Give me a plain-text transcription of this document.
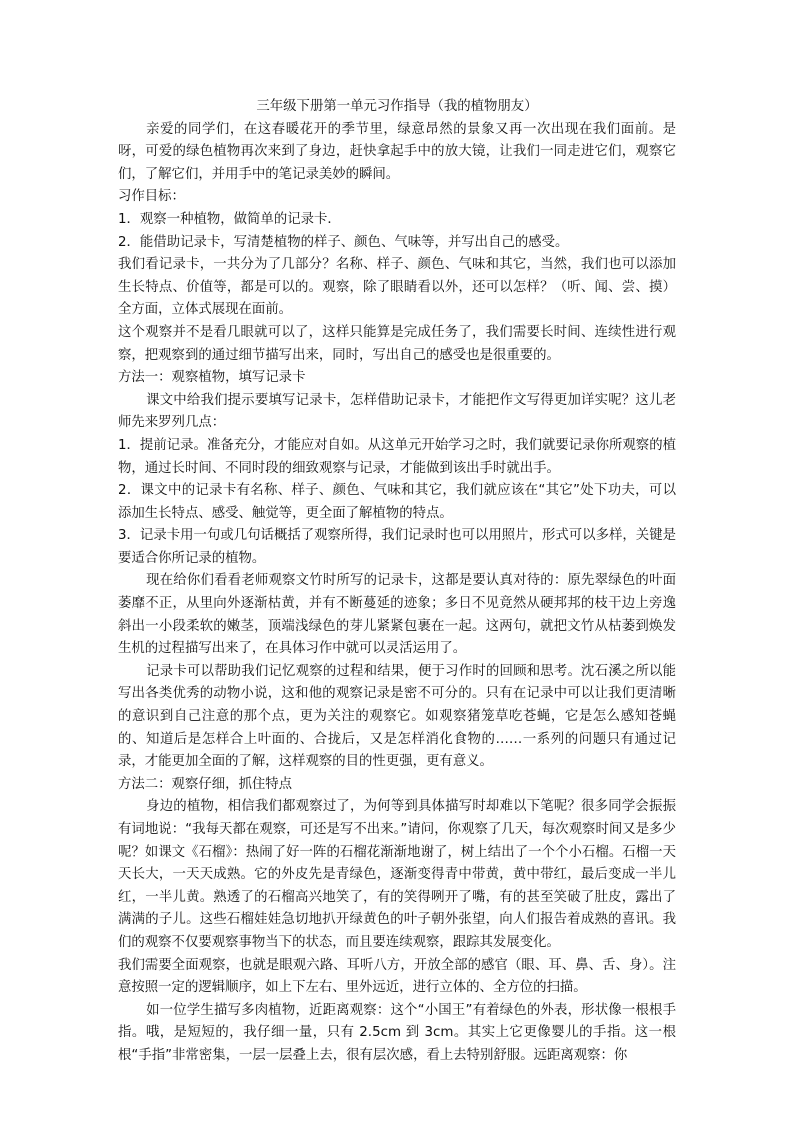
三年级下册第一单元习作指导（我的植物朋友）

亲爱的同学们，在这春暖花开的季节里，绿意昂然的景象又再一次出现在我们面前。是呀，可爱的绿色植物再次来到了身边，赶快拿起手中的放大镜，让我们一同走进它们，观察它们，了解它们，并用手中的笔记录美妙的瞬间。

习作目标：

1．观察一种植物，做简单的记录卡．

2．能借助记录卡，写清楚植物的样子、颜色、气味等，并写出自己的感受。

我们看记录卡，一共分为了几部分？名称、样子、颜色、气味和其它，当然，我们也可以添加生长特点、价值等，都是可以的。观察，除了眼睛看以外，还可以怎样？（听、闻、尝、摸）全方面，立体式展现在面前。

这个观察并不是看几眼就可以了，这样只能算是完成任务了，我们需要长时间、连续性进行观察，把观察到的通过细节描写出来，同时，写出自己的感受也是很重要的。

方法一：观察植物，填写记录卡

课文中给我们提示要填写记录卡，怎样借助记录卡，才能把作文写得更加详实呢？这儿老师先来罗列几点：

1．提前记录。准备充分，才能应对自如。从这单元开始学习之时，我们就要记录你所观察的植物，通过长时间、不同时段的细致观察与记录，才能做到该出手时就出手。

2．课文中的记录卡有名称、样子、颜色、气味和其它，我们就应该在“其它”处下功夫，可以添加生长特点、感受、触觉等，更全面了解植物的特点。

3．记录卡用一句或几句话概括了观察所得，我们记录时也可以用照片，形式可以多样，关键是要适合你所记录的植物。

现在给你们看看老师观察文竹时所写的记录卡，这都是要认真对待的：原先翠绿色的叶面萎靡不正，从里向外逐渐枯黄，并有不断蔓延的迹象；多日不见竟然从硬邦邦的枝干边上旁逸斜出一小段柔软的嫩茎，顶端浅绿色的芽儿紧紧包裹在一起。这两句，就把文竹从枯萎到焕发生机的过程描写出来了，在具体习作中就可以灵活运用了。

记录卡可以帮助我们记忆观察的过程和结果，便于习作时的回顾和思考。沈石溪之所以能写出各类优秀的动物小说，这和他的观察记录是密不可分的。只有在记录中可以让我们更清晰的意识到自己注意的那个点，更为关注的观察它。如观察猪笼草吃苍蝇，它是怎么感知苍蝇的、知道后是怎样合上叶面的、合拢后，又是怎样消化食物的……一系列的问题只有通过记录，才能更加全面的了解，这样观察的目的性更强，更有意义。

方法二：观察仔细，抓住特点

身边的植物，相信我们都观察过了，为何等到具体描写时却难以下笔呢？很多同学会振振有词地说：“我每天都在观察，可还是写不出来。”请问，你观察了几天，每次观察时间又是多少呢？如课文《石榴》：热闹了好一阵的石榴花渐渐地谢了，树上结出了一个个小石榴。石榴一天天长大，一天天成熟。它的外皮先是青绿色，逐渐变得青中带黄，黄中带红，最后变成一半儿红，一半儿黄。熟透了的石榴高兴地笑了，有的笑得咧开了嘴，有的甚至笑破了肚皮，露出了满满的子儿。这些石榴娃娃急切地扒开绿黄色的叶子朝外张望，向人们报告着成熟的喜讯。我们的观察不仅要观察事物当下的状态，而且要连续观察，跟踪其发展变化。

我们需要全面观察，也就是眼观六路、耳听八方，开放全部的感官（眼、耳、鼻、舌、身）。注意按照一定的逻辑顺序，如上下左右、里外远近，进行立体的、全方位的扫描。

如一位学生描写多肉植物，近距离观察：这个“小国王”有着绿色的外表，形状像一根根手指。哦，是短短的，我仔细一量，只有 2.5cm 到 3cm。其实上它更像婴儿的手指。这一根根“手指”非常密集，一层一层叠上去，很有层次感，看上去特别舒服。远距离观察：你
